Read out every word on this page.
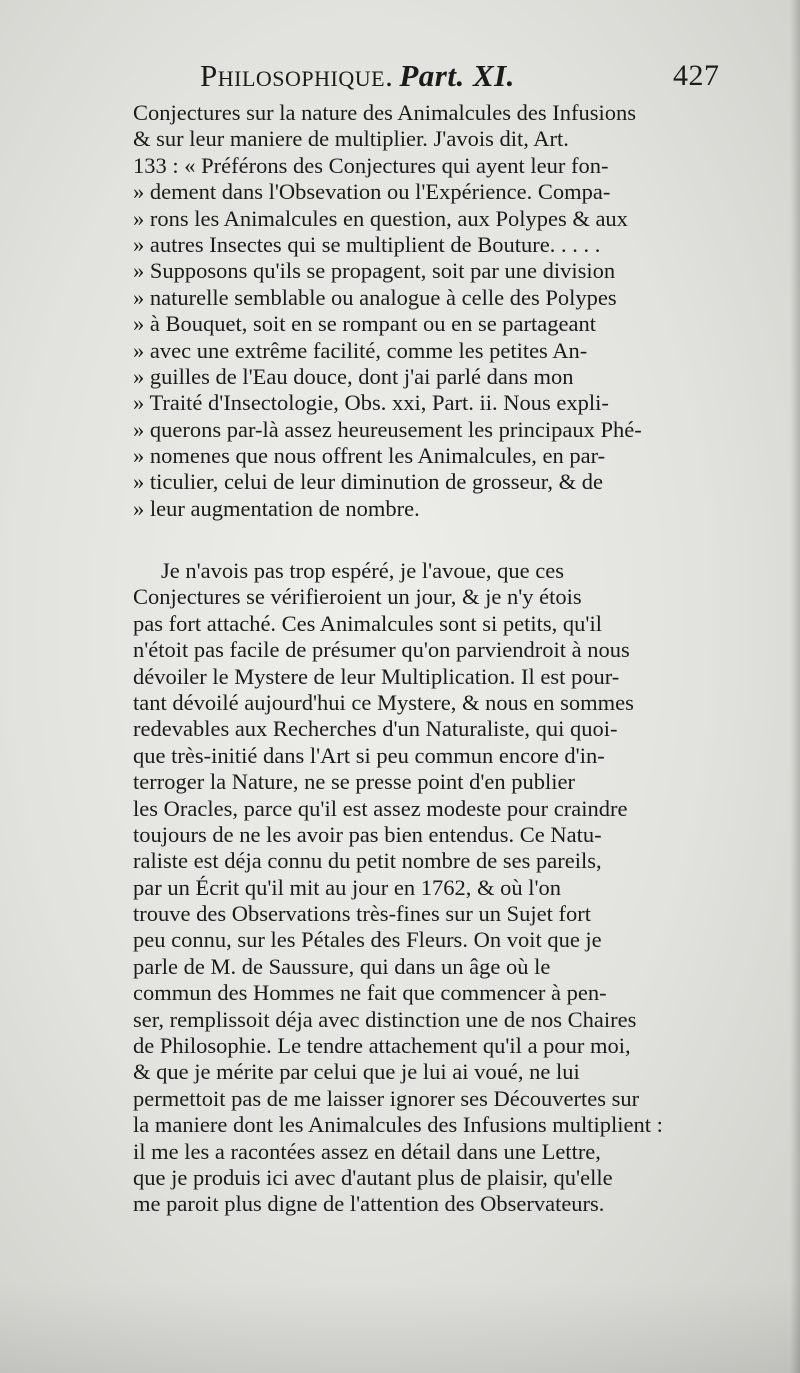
Philosophique. Part. XI.	427
Conjectures sur la nature des Animalcules des Infusions
& sur leur maniere de multiplier. J'avois dit, Art.
133 : « Préférons des Conjectures qui ayent leur fon-
» dement dans l'Obsevation ou l'Expérience. Compa-
» rons les Animalcules en question, aux Polypes & aux
» autres Insectes qui se multiplient de Bouture. . . . .
» Supposons qu'ils se propagent, soit par une division
» naturelle semblable ou analogue à celle des Polypes
» à Bouquet, soit en se rompant ou en se partageant
» avec une extrême facilité, comme les petites An-
» guilles de l'Eau douce, dont j'ai parlé dans mon
» Traité d'Insectologie, Obs. xxi, Part. ii. Nous expli-
» querons par-là assez heureusement les principaux Phé-
» nomenes que nous offrent les Animalcules, en par-
» ticulier, celui de leur diminution de grosseur, & de
» leur augmentation de nombre.
Je n'avois pas trop espéré, je l'avoue, que ces
Conjectures se vérifieroient un jour, & je n'y étois
pas fort attaché. Ces Animalcules sont si petits, qu'il
n'étoit pas facile de présumer qu'on parviendroit à nous
dévoiler le Mystere de leur Multiplication. Il est pour-
tant dévoilé aujourd'hui ce Mystere, & nous en sommes
redevables aux Recherches d'un Naturaliste, qui quoi-
que très-initié dans l'Art si peu commun encore d'in-
terroger la Nature, ne se presse point d'en publier
les Oracles, parce qu'il est assez modeste pour craindre
toujours de ne les avoir pas bien entendus. Ce Natu-
raliste est déja connu du petit nombre de ses pareils,
par un Écrit qu'il mit au jour en 1762, & où l'on
trouve des Observations très-fines sur un Sujet fort
peu connu, sur les Pétales des Fleurs. On voit que je
parle de M. de Saussure, qui dans un âge où le
commun des Hommes ne fait que commencer à pen-
ser, remplissoit déja avec distinction une de nos Chaires
de Philosophie. Le tendre attachement qu'il a pour moi,
& que je mérite par celui que je lui ai voué, ne lui
permettoit pas de me laisser ignorer ses Découvertes sur
la maniere dont les Animalcules des Infusions multiplient :
il me les a racontées assez en détail dans une Lettre,
que je produis ici avec d'autant plus de plaisir, qu'elle
me paroit plus digne de l'attention des Observateurs.
